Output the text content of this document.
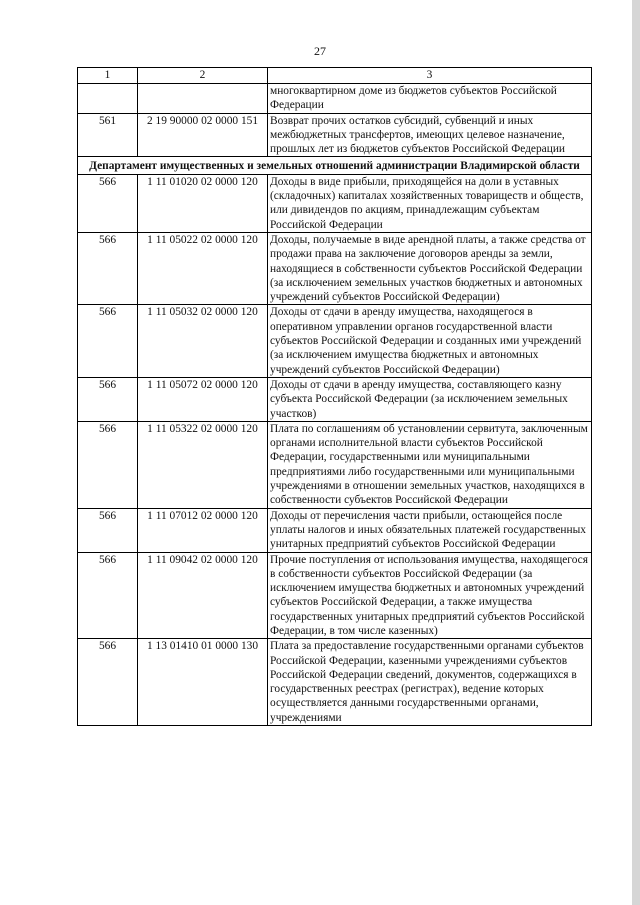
27
1	2	3
		многоквартирном доме из бюджетов субъектов Российской Федерации
561	2 19 90000 02 0000 151	Возврат прочих остатков субсидий, субвенций и иных межбюджетных трансфертов, имеющих целевое назначение, прошлых лет из бюджетов субъектов Российской Федерации
Департамент имущественных и земельных отношений администрации Владимирской области		
566	1 11 01020 02 0000 120	Доходы в виде прибыли, приходящейся на доли в уставных (складочных) капиталах хозяйственных товариществ и обществ, или дивидендов по акциям, принадлежащим субъектам Российской Федерации
566	1 11 05022 02 0000 120	Доходы, получаемые в виде арендной платы, а также средства от продажи права на заключение договоров аренды за земли, находящиеся в собственности субъектов Российской Федерации (за исключением земельных участков бюджетных и автономных учреждений субъектов Российской Федерации)
566	1 11 05032 02 0000 120	Доходы от сдачи в аренду имущества, находящегося в оперативном управлении органов государственной власти субъектов Российской Федерации и созданных ими учреждений (за исключением имущества бюджетных и автономных учреждений субъектов Российской Федерации)
566	1 11 05072 02 0000 120	Доходы от сдачи в аренду имущества, составляющего казну субъекта Российской Федерации (за исключением земельных участков)
566	1 11 05322 02 0000 120	Плата по соглашениям об установлении сервитута, заключенным органами исполнительной власти субъектов Российской Федерации, государственными или муниципальными предприятиями либо государственными или муниципальными учреждениями в отношении земельных участков, находящихся в собственности субъектов Российской Федерации
566	1 11 07012 02 0000 120	Доходы от перечисления части прибыли, остающейся после уплаты налогов и иных обязательных платежей государственных унитарных предприятий субъектов Российской Федерации
566	1 11 09042 02 0000 120	Прочие поступления от использования имущества, находящегося в собственности субъектов Российской Федерации (за исключением имущества бюджетных и автономных учреждений субъектов Российской Федерации, а также имущества государственных унитарных предприятий субъектов Российской Федерации, в том числе казенных)
566	1 13 01410 01 0000 130	Плата за предоставление государственными органами субъектов Российской Федерации, казенными учреждениями субъектов Российской Федерации сведений, документов, содержащихся в государственных реестрах (регистрах), ведение которых осуществляется данными государственными органами, учреждениями
